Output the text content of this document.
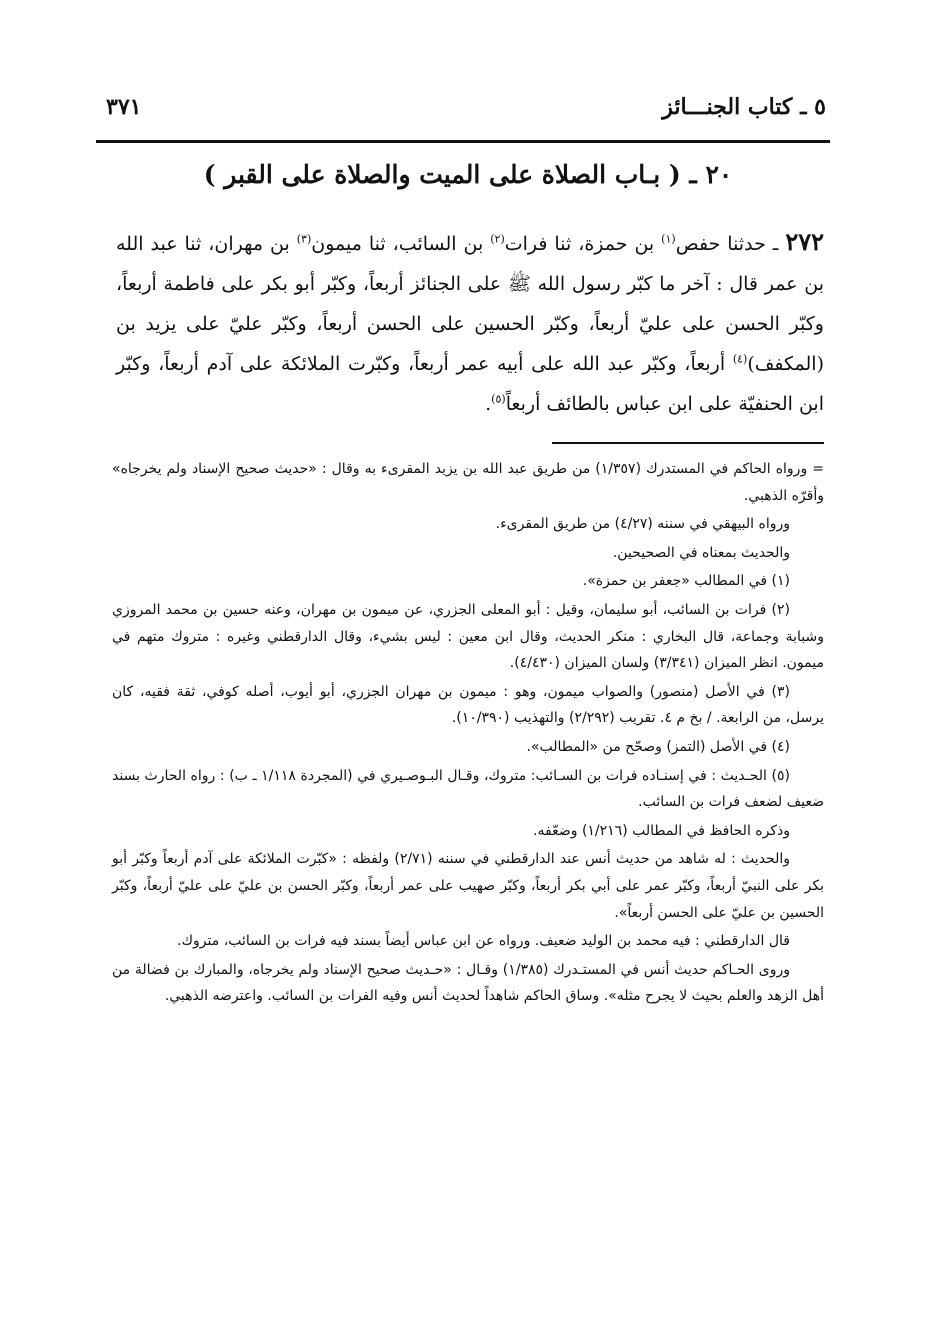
٥ ـ كتاب الجنـــائز
٣٧١
٢٠ ـ ( بـاب الصلاة على الميت والصلاة على القبر )
٢٧٢ ـ حدثنا حفص$^{(١)}$ بن حمزة، ثنا فرات$^{(٢)}$ بن السائب، ثنا ميمون$^{(٣)}$ بن مهران، ثنا عبد الله بن عمر قال : آخر ما كبّر رسول الله ﷺ على الجنائز أربعاً، وكبّر أبو بكر على فاطمة أربعاً، وكبّر الحسن على عليّ أربعاً، وكبّر الحسين على الحسن أربعاً، وكبّر عليّ على يزيد بن (المكفف)$^{(٤)}$ أربعاً، وكبّر عبد الله على أبيه عمر أربعاً، وكبّرت الملائكة على آدم أربعاً، وكبّر ابن الحنفيّة على ابن عباس بالطائف أربعاً$^{(٥)}$.

= ورواه الحاكم في المستدرك (١/٣٥٧) من طريق عبد الله بن يزيد المقرىء به وقال : «حديث صحيح الإسناد ولم يخرجاه» وأقرّه الذهبي.

ورواه البيهقي في سننه (٤/٢٧) من طريق المقرىء.

والحديث بمعناه في الصحيحين.

(١) في المطالب «جعفر بن حمزة».

(٢) فرات بن السائب، أبو سليمان، وقيل : أبو المعلى الجزري، عن ميمون بن مهران، وعنه حسين بن محمد المروزي وشبابة وجماعة، قال البخاري : منكر الحديث، وقال ابن معين : ليس بشيء، وقال الدارقطني وغيره : متروك متهم في ميمون. انظر الميزان (٣/٣٤١) ولسان الميزان (٤/٤٣٠).

(٣) في الأصل (منصور) والصواب ميمون، وهو : ميمون بن مهران الجزري، أبو أيوب، أصله كوفي، ثقة فقيه، كان يرسل، من الرابعة. / بخ م ٤. تقريب (٢/٢٩٢) والتهذيب (١٠/٣٩٠).

(٤) في الأصل (التمز) وصحّح من «المطالب».

(٥) الحـديث : في إسنـاده فرات بن السـائب: متروك، وقـال البـوصـيري في (المجردة ١/١١٨ ـ ب) : رواه الحارث بسند ضعيف لضعف فرات بن السائب.

وذكره الحافظ في المطالب (١/٢١٦) وضعّفه.

والحديث : له شاهد من حديث أنس عند الدارقطني في سننه (٢/٧١) ولفظه : «كبّرت الملائكة على آدم أربعاً وكبّر أبو بكر على النبيّ أربعاً، وكبّر عمر على أبي بكر أربعاً، وكبّر صهيب على عمر أربعاً، وكبّر الحسن بن عليّ على عليّ أربعاً، وكبّر الحسين بن عليّ على الحسن أربعاً».

قال الدارقطني : فيه محمد بن الوليد ضعيف. ورواه عن ابن عباس أيضاً بسند فيه فرات بن السائب، متروك.

وروى الحـاكم حديث أنس في المستـدرك (١/٣٨٥) وقـال : «حـديث صحيح الإسناد ولم يخرجاه، والمبارك بن فضالة من أهل الزهد والعلم بحيث لا يجرح مثله». وساق الحاكم شاهداً لحديث أنس وفيه الفرات بن السائب. واعترضه الذهبي.
